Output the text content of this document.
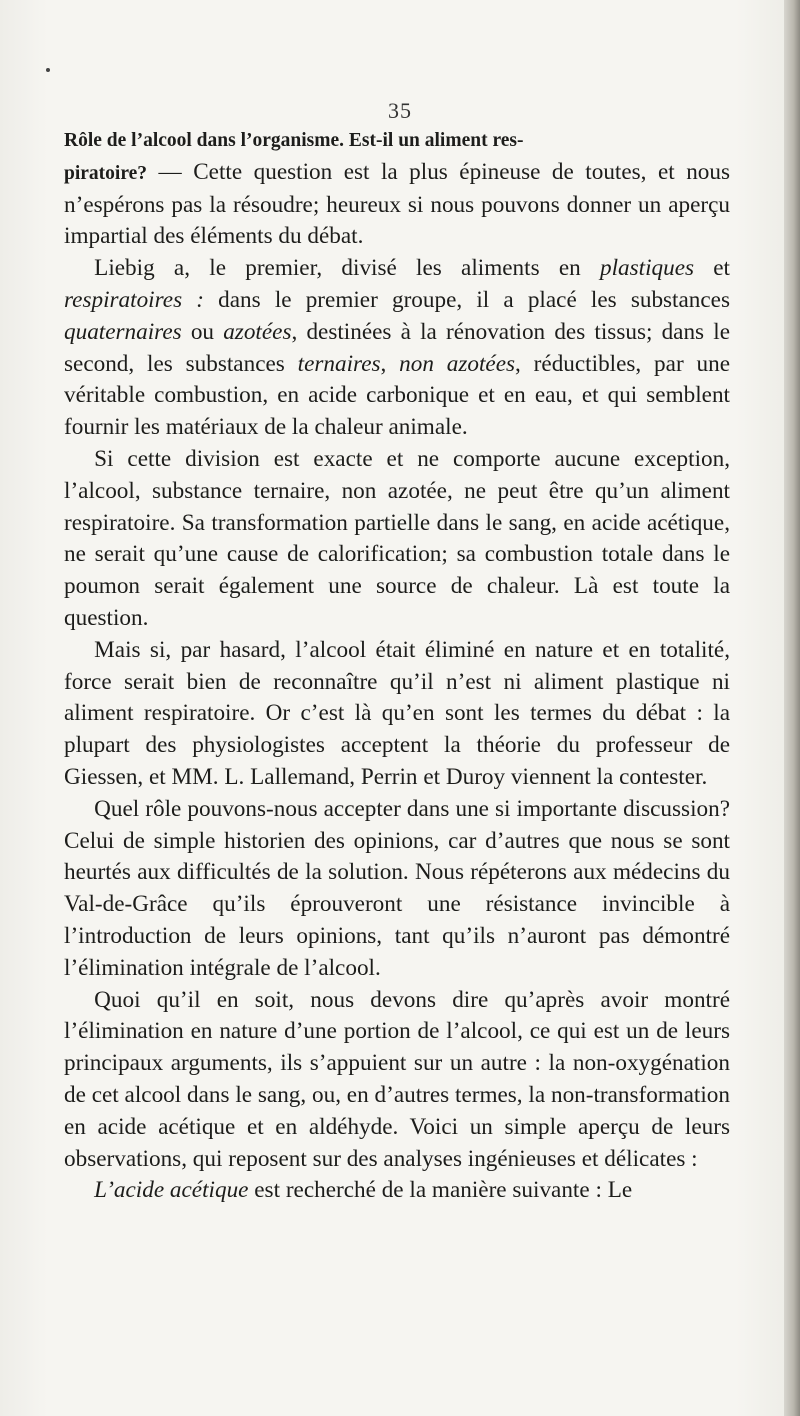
35

Rôle de l’alcool dans l’organisme. Est-il un aliment res-
piratoire? — Cette question est la plus épineuse de toutes, et nous n’espérons pas la résoudre; heureux si nous pouvons donner un aperçu impartial des éléments du débat.

Liebig a, le premier, divisé les aliments en plastiques et respiratoires : dans le premier groupe, il a placé les substances quaternaires ou azotées, destinées à la rénovation des tissus; dans le second, les substances ternaires, non azotées, réductibles, par une véritable combustion, en acide carbonique et en eau, et qui semblent fournir les matériaux de la chaleur animale.

Si cette division est exacte et ne comporte aucune exception, l’alcool, substance ternaire, non azotée, ne peut être qu’un aliment respiratoire. Sa transformation partielle dans le sang, en acide acétique, ne serait qu’une cause de calorification; sa combustion totale dans le poumon serait également une source de chaleur. Là est toute la question.

Mais si, par hasard, l’alcool était éliminé en nature et en totalité, force serait bien de reconnaître qu’il n’est ni aliment plastique ni aliment respiratoire. Or c’est là qu’en sont les termes du débat : la plupart des physiologistes acceptent la théorie du professeur de Giessen, et MM. L. Lallemand, Perrin et Duroy viennent la contester.

Quel rôle pouvons-nous accepter dans une si importante discussion? Celui de simple historien des opinions, car d’autres que nous se sont heurtés aux difficultés de la solution. Nous répéterons aux médecins du Val-de-Grâce qu’ils éprouveront une résistance invincible à l’introduction de leurs opinions, tant qu’ils n’auront pas démontré l’élimination intégrale de l’alcool.

Quoi qu’il en soit, nous devons dire qu’après avoir montré l’élimination en nature d’une portion de l’alcool, ce qui est un de leurs principaux arguments, ils s’appuient sur un autre : la non-oxygénation de cet alcool dans le sang, ou, en d’autres termes, la non-transformation en acide acétique et en aldéhyde. Voici un simple aperçu de leurs observations, qui reposent sur des analyses ingénieuses et délicates :

L’acide acétique est recherché de la manière suivante : Le
